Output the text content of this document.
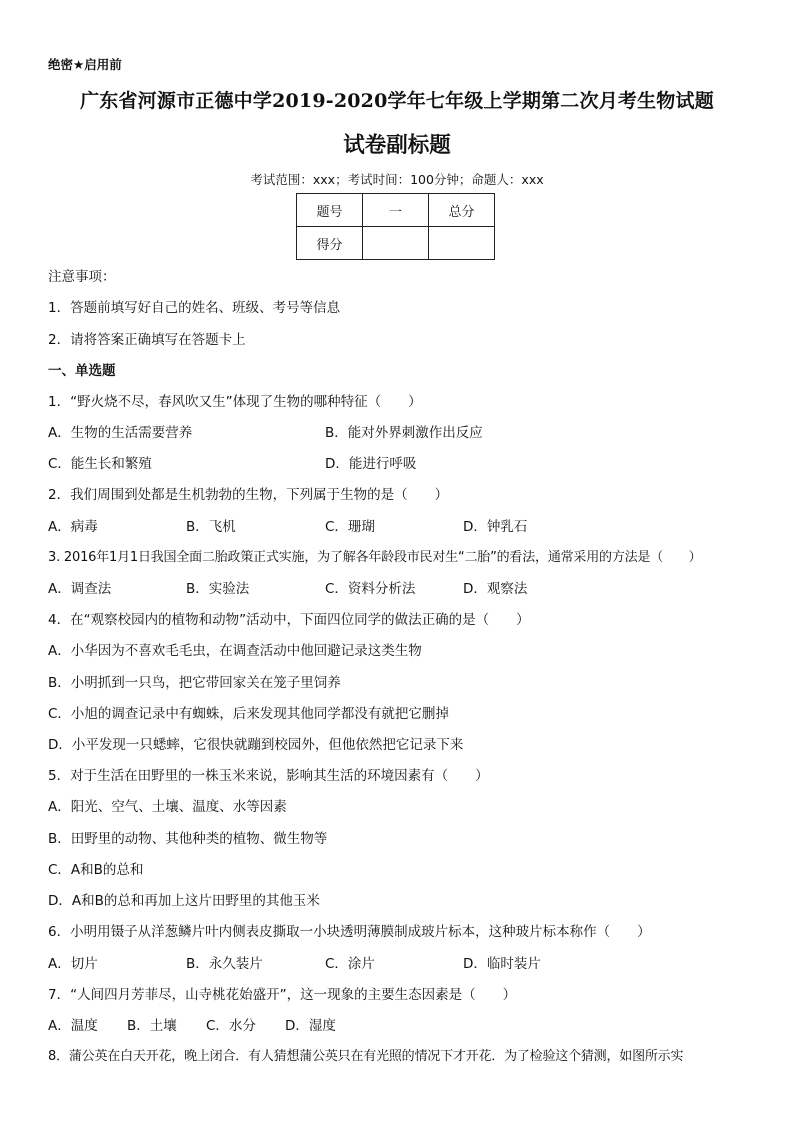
绝密★启用前
广东省河源市正德中学2019-2020学年七年级上学期第二次月考生物试题
试卷副标题
考试范围：xxx；考试时间：100分钟；命题人：xxx
题号	一	总分
得分		
注意事项：
1．答题前填写好自己的姓名、班级、考号等信息
2．请将答案正确填写在答题卡上
一、单选题
1．“野火烧不尽，春风吹又生”体现了生物的哪种特征（　　）
A．生物的生活需要营养	B．能对外界刺激作出反应
C．能生长和繁殖	D．能进行呼吸
2．我们周围到处都是生机勃勃的生物，下列属于生物的是（　　）
A．病毒	B．飞机	C．珊瑚	D．钟乳石
3. 2016年1月1日我国全面二胎政策正式实施，为了解各年龄段市民对生“二胎”的看法，通常采用的方法是（　　）
A．调查法	B．实验法	C．资料分析法	D．观察法
4．在“观察校园内的植物和动物”活动中，下面四位同学的做法正确的是（　　）
A．小华因为不喜欢毛毛虫，在调查活动中他回避记录这类生物
B．小明抓到一只鸟，把它带回家关在笼子里饲养
C．小旭的调查记录中有蜘蛛，后来发现其他同学都没有就把它删掉
D．小平发现一只蟋蟀，它很快就蹦到校园外，但他依然把它记录下来
5．对于生活在田野里的一株玉米来说，影响其生活的环境因素有（　　）
A．阳光、空气、土壤、温度、水等因素
B．田野里的动物、其他种类的植物、微生物等
C．A和B的总和
D．A和B的总和再加上这片田野里的其他玉米
6．小明用镊子从洋葱鳞片叶内侧表皮撕取一小块透明薄膜制成玻片标本，这种玻片标本称作（　　）
A．切片	B．永久装片	C．涂片	D．临时装片
7．“人间四月芳菲尽，山寺桃花始盛开”，这一现象的主要生态因素是（　　）
A．温度 B．土壤 C．水分 D．湿度
8．蒲公英在白天开花，晚上闭合．有人猜想蒲公英只在有光照的情况下才开花．为了检验这个猜测，如图所示实
